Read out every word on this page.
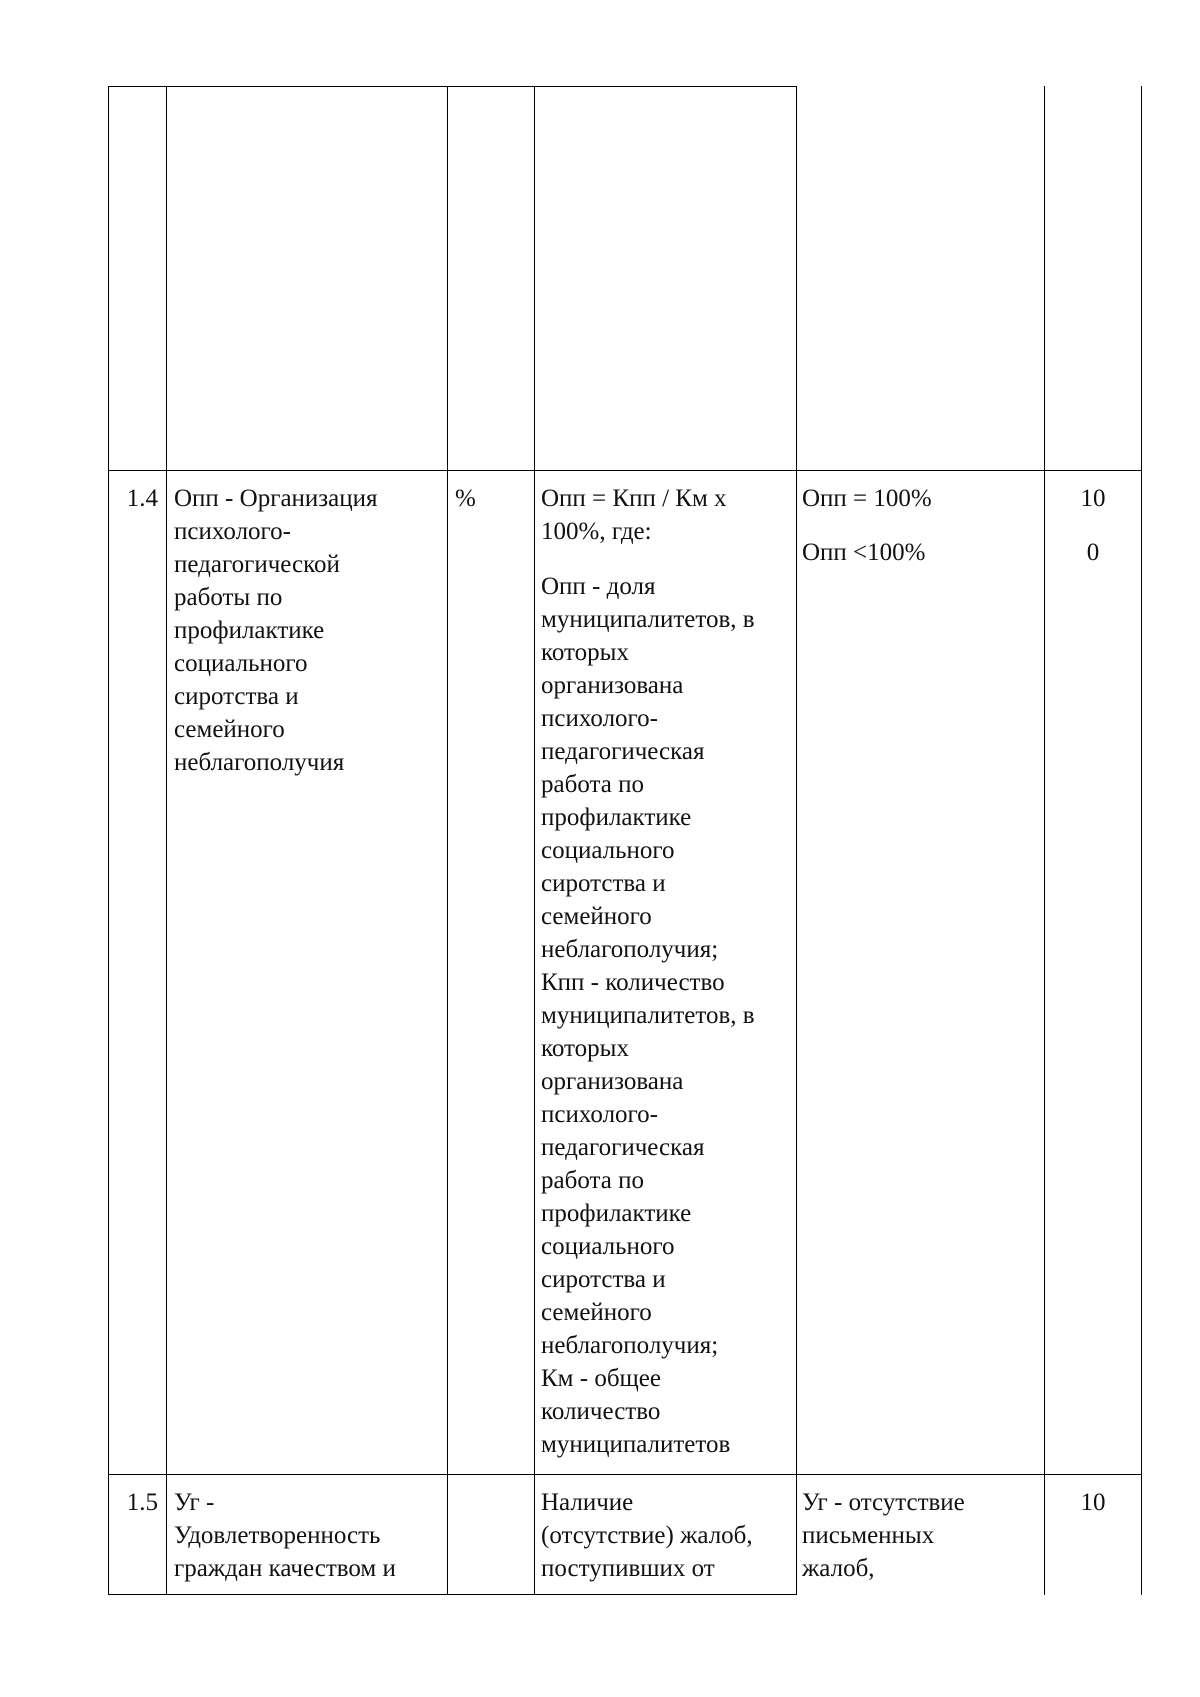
1.4 Опп - Организация
психолого-
педагогической
работы по
профилактике
социального
сиротства и
семейного
неблагополучия

%	Опп = Кпп / Км х
100%, где:

Опп - доля
муниципалитетов, в
которых
организована
психолого-
педагогическая
работа по
профилактике
социального
сиротства и
семейного
неблагополучия;
Кпп - количество
муниципалитетов, в
которых
организована
психолого-
педагогическая
работа по
профилактике
социального
сиротства и
семейного
неблагополучия;
Км - общее
количество
муниципалитетов

Опп = 100%

Опп <100%

10

0

1.5 Уг -
Удовлетворенность
граждан качеством и

Наличие
(отсутствие) жалоб,
поступивших от

Уг - отсутствие
письменных
жалоб,

10
